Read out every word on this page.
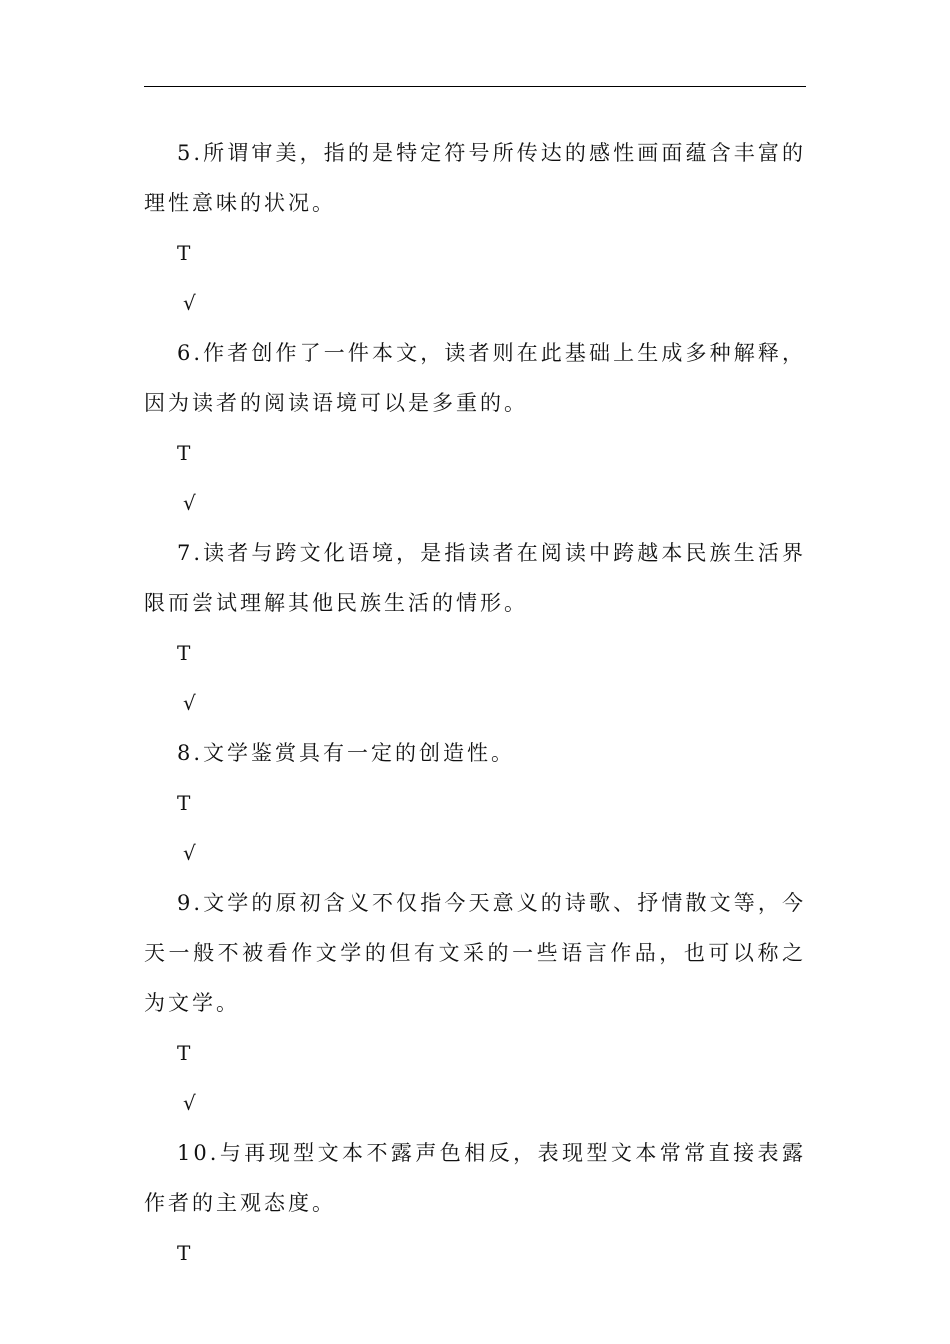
5.所谓审美，指的是特定符号所传达的感性画面蕴含丰富的理性意味的状况。

T

√

6.作者创作了一件本文，读者则在此基础上生成多种解释，因为读者的阅读语境可以是多重的。

T

√

7.读者与跨文化语境，是指读者在阅读中跨越本民族生活界限而尝试理解其他民族生活的情形。

T

√

8.文学鉴赏具有一定的创造性。

T

√

9.文学的原初含义不仅指今天意义的诗歌、抒情散文等，今天一般不被看作文学的但有文采的一些语言作品，也可以称之为文学。

T

√

10.与再现型文本不露声色相反，表现型文本常常直接表露作者的主观态度。

T
